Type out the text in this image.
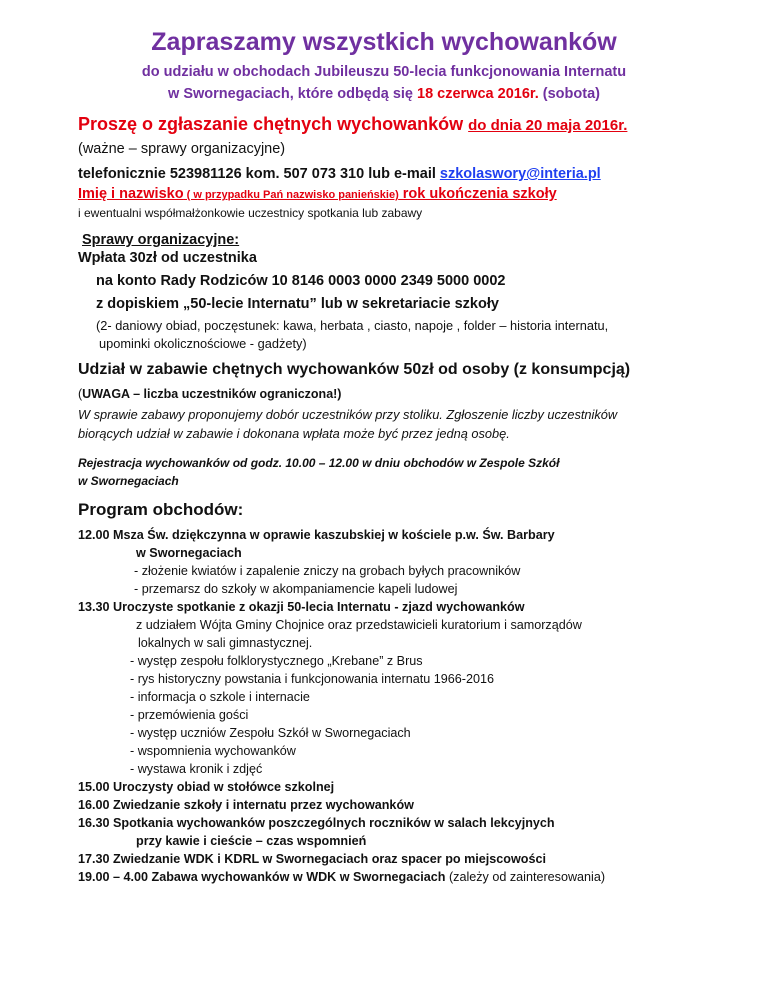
Zapraszamy wszystkich wychowanków
do udziału w obchodach Jubileuszu 50-lecia funkcjonowania Internatu
w Swornegaciach, które odbędą się 18 czerwca 2016r. (sobota)
Proszę o zgłaszanie chętnych wychowanków do dnia 20 maja 2016r.
(ważne – sprawy organizacyjne)
telefonicznie 523981126 kom. 507 073 310 lub e-mail szkolaswory@interia.pl
Imię i nazwisko ( w przypadku Pań nazwisko panieńskie) rok ukończenia szkoły
i ewentualni współmałżonkowie uczestnicy spotkania lub zabawy
Sprawy organizacyjne:
Wpłata 30zł od uczestnika
na konto Rady Rodziców 10 8146 0003 0000 2349 5000 0002
z dopiskiem „50-lecie Internatu” lub w sekretariacie szkoły
(2- daniowy obiad, poczęstunek: kawa, herbata , ciasto, napoje , folder – historia internatu,
upominki okolicznościowe - gadżety)
Udział w zabawie chętnych wychowanków 50zł od osoby (z konsumpcją)
(UWAGA – liczba uczestników ograniczona!)
W sprawie zabawy proponujemy dobór uczestników przy stoliku. Zgłoszenie liczby uczestników
biorących udział w zabawie i dokonana wpłata może być przez jedną osobę.
Rejestracja wychowanków od godz. 10.00 – 12.00 w dniu obchodów w Zespole Szkół
w Swornegaciach
Program obchodów:
12.00 Msza Św. dziękczynna w oprawie kaszubskiej w kościele p.w. Św. Barbary
w Swornegaciach
- złożenie kwiatów i zapalenie zniczy na grobach byłych pracowników
- przemarsz do szkoły w akompaniamencie kapeli ludowej
13.30 Uroczyste spotkanie z okazji 50-lecia Internatu - zjazd wychowanków
z udziałem Wójta Gminy Chojnice oraz przedstawicieli kuratorium i samorządów
lokalnych w sali gimnastycznej.
- występ zespołu folklorystycznego „Krebane” z Brus
- rys historyczny powstania i funkcjonowania internatu 1966-2016
- informacja o szkole i internacie
- przemówienia gości
- występ uczniów Zespołu Szkół w Swornegaciach
- wspomnienia wychowanków
- wystawa kronik i zdjęć
15.00 Uroczysty obiad w stołówce szkolnej
16.00 Zwiedzanie szkoły i internatu przez wychowanków
16.30 Spotkania wychowanków poszczególnych roczników w salach lekcyjnych
przy kawie i cieście – czas wspomnień
17.30 Zwiedzanie WDK i KDRL w Swornegaciach oraz spacer po miejscowości
19.00 – 4.00 Zabawa wychowanków w WDK w Swornegaciach (zależy od zainteresowania)
